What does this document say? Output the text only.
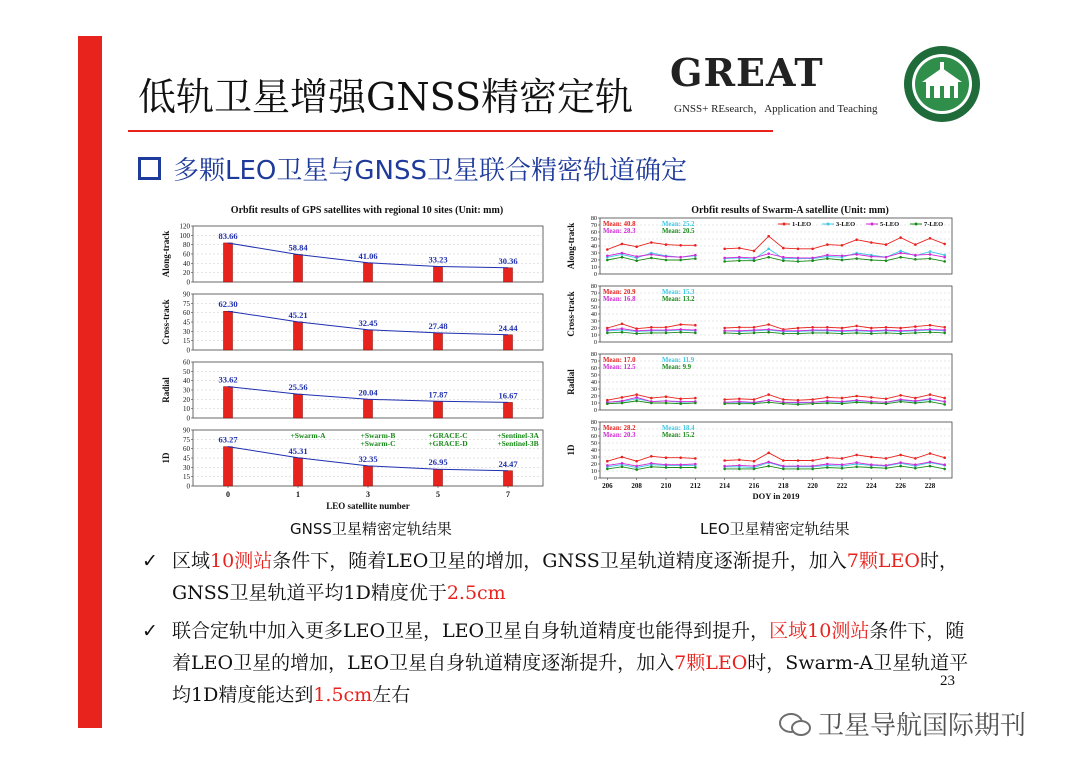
低轨卫星增强GNSS精密定轨
GREAT
GNSS+ REsearch，Application and Teaching
多颗LEO卫星与GNSS卫星联合精密轨道确定
Orbfit results of GPS satellites with regional 10 sites (Unit: mm)
0
20
40
60
80
100
120
Along-track	83.66
58.84
41.06	33.23	30.36
0
15
30
45
60
75
90
Cross-track	62.30
45.21
32.45	27.48	24.44
0
10
20
30
40
50
60
Radial	33.62
25.56
20.04	17.87	16.67
0
15
30
45
60
75
90
1D
63.27
45.31
32.35	26.95	24.47
+Swarm-A	+Swarm-B
+Swarm-C
+GRACE-C
+GRACE-D
+Sentinel-3A
+Sentinel-3B
0	1	3	5	7
LEO satellite number
Orbfit results of Swarm-A satellite (Unit: mm)
0
10
20
30
40
50
60
70
80
Along-track	Mean: 40.8	Mean: 25.2
Mean: 28.3	Mean: 20.5
0
10
20
30
40
50
60
70
80
Cross-track	Mean: 20.9	Mean: 15.3
Mean: 16.8	Mean: 13.2
0
10
20
30
40
50
60
70
80
Radial
Mean: 17.0	Mean: 11.9
Mean: 12.5	Mean: 9.9
0
10
20
30
40
50
60
70
80
1D
Mean: 28.2	Mean: 18.4
Mean: 20.3	Mean: 15.2
1-LEO	3-LEO	5-LEO	7-LEO
206	208	210	212	214	216	218	220	222	224	226	228
DOY in 2019
GNSS卫星精密定轨结果	LEO卫星精密定轨结果
✓ 区域10测站条件下，随着LEO卫星的增加，GNSS卫星轨道精度逐渐提升，加入7颗LEO时，GNSS卫星轨道平均1D精度优于2.5cm
✓ 联合定轨中加入更多LEO卫星，LEO卫星自身轨道精度也能得到提升，区域10测站条件下，随着LEO卫星的增加，LEO卫星自身轨道精度逐渐提升，加入7颗LEO时，Swarm-A卫星轨道平均1D精度能达到1.5cm左右
23
卫星导航国际期刊
